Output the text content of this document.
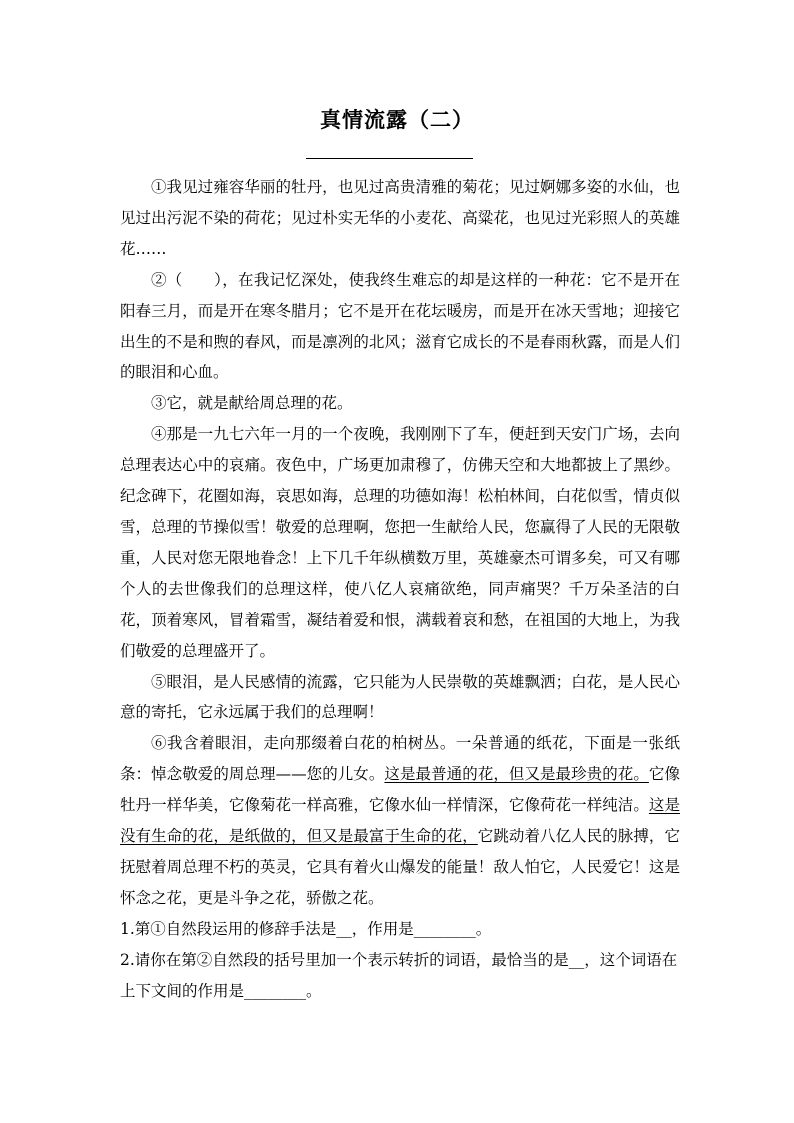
真情流露（二）

①我见过雍容华丽的牡丹，也见过高贵清雅的菊花；见过婀娜多姿的水仙，也见过出污泥不染的荷花；见过朴实无华的小麦花、高粱花，也见过光彩照人的英雄花……

②（　　），在我记忆深处，使我终生难忘的却是这样的一种花：它不是开在阳春三月，而是开在寒冬腊月；它不是开在花坛暖房，而是开在冰天雪地；迎接它出生的不是和煦的春风，而是凛冽的北风；滋育它成长的不是春雨秋露，而是人们的眼泪和心血。

③它，就是献给周总理的花。

④那是一九七六年一月的一个夜晚，我刚刚下了车，便赶到天安门广场，去向总理表达心中的哀痛。夜色中，广场更加肃穆了，仿佛天空和大地都披上了黑纱。纪念碑下，花圈如海，哀思如海，总理的功德如海！松柏林间，白花似雪，情贞似雪，总理的节操似雪！敬爱的总理啊，您把一生献给人民，您赢得了人民的无限敬重，人民对您无限地眷念！上下几千年纵横数万里，英雄豪杰可谓多矣，可又有哪个人的去世像我们的总理这样，使八亿人哀痛欲绝，同声痛哭？千万朵圣洁的白花，顶着寒风，冒着霜雪，凝结着爱和恨，满载着哀和愁，在祖国的大地上，为我们敬爱的总理盛开了。

⑤眼泪，是人民感情的流露，它只能为人民崇敬的英雄飘洒；白花，是人民心意的寄托，它永远属于我们的总理啊！

⑥我含着眼泪，走向那缀着白花的柏树丛。一朵普通的纸花，下面是一张纸条：悼念敬爱的周总理——您的儿女。这是最普通的花，但又是最珍贵的花。它像牡丹一样华美，它像菊花一样高雅，它像水仙一样情深，它像荷花一样纯洁。这是没有生命的花，是纸做的，但又是最富于生命的花，它跳动着八亿人民的脉搏，它抚慰着周总理不朽的英灵，它具有着火山爆发的能量！敌人怕它，人民爱它！这是怀念之花，更是斗争之花，骄傲之花。

1.第①自然段运用的修辞手法是__，作用是________。

2.请你在第②自然段的括号里加一个表示转折的词语，最恰当的是__，这个词语在上下文间的作用是________。
